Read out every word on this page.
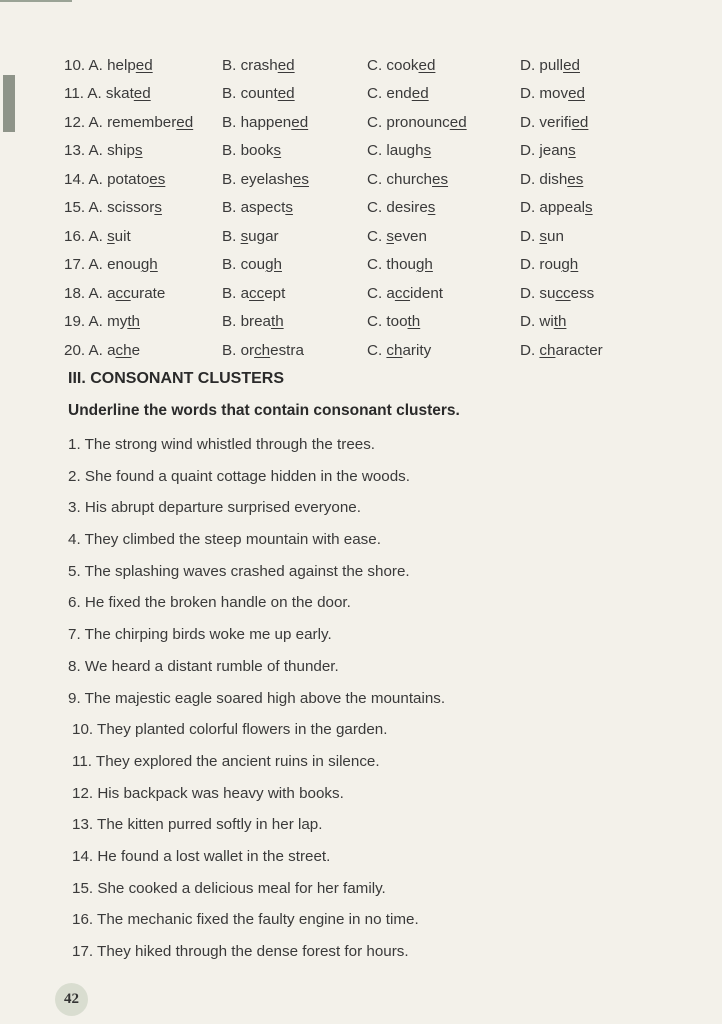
10. A. helped	B. crashed	C. cooked	D. pulled
11. A. skated	B. counted	C. ended	D. moved
12. A. remembered	B. happened	C. pronounced	D. verified
13. A. ships	B. books	C. laughs	D. jeans
14. A. potatoes	B. eyelashes	C. churches	D. dishes
15. A. scissors	B. aspects	C. desires	D. appeals
16. A. suit	B. sugar	C. seven	D. sun
17. A. enough	B. cough	C. though	D. rough
18. A. accurate	B. accept	C. accident	D. success
19. A. myth	B. breath	C. tooth	D. with
20. A. ache	B. orchestra	C. charity	D. character
III. CONSONANT CLUSTERS

Underline the words that contain consonant clusters.

1. The strong wind whistled through the trees.
2. She found a quaint cottage hidden in the woods.
3. His abrupt departure surprised everyone.
4. They climbed the steep mountain with ease.
5. The splashing waves crashed against the shore.
6. He fixed the broken handle on the door.
7. The chirping birds woke me up early.
8. We heard a distant rumble of thunder.
9. The majestic eagle soared high above the mountains.
10. They planted colorful flowers in the garden.
11. They explored the ancient ruins in silence.
12. His backpack was heavy with books.
13. The kitten purred softly in her lap.
14. He found a lost wallet in the street.
15. She cooked a delicious meal for her family.
16. The mechanic fixed the faulty engine in no time.
17. They hiked through the dense forest for hours.
42
